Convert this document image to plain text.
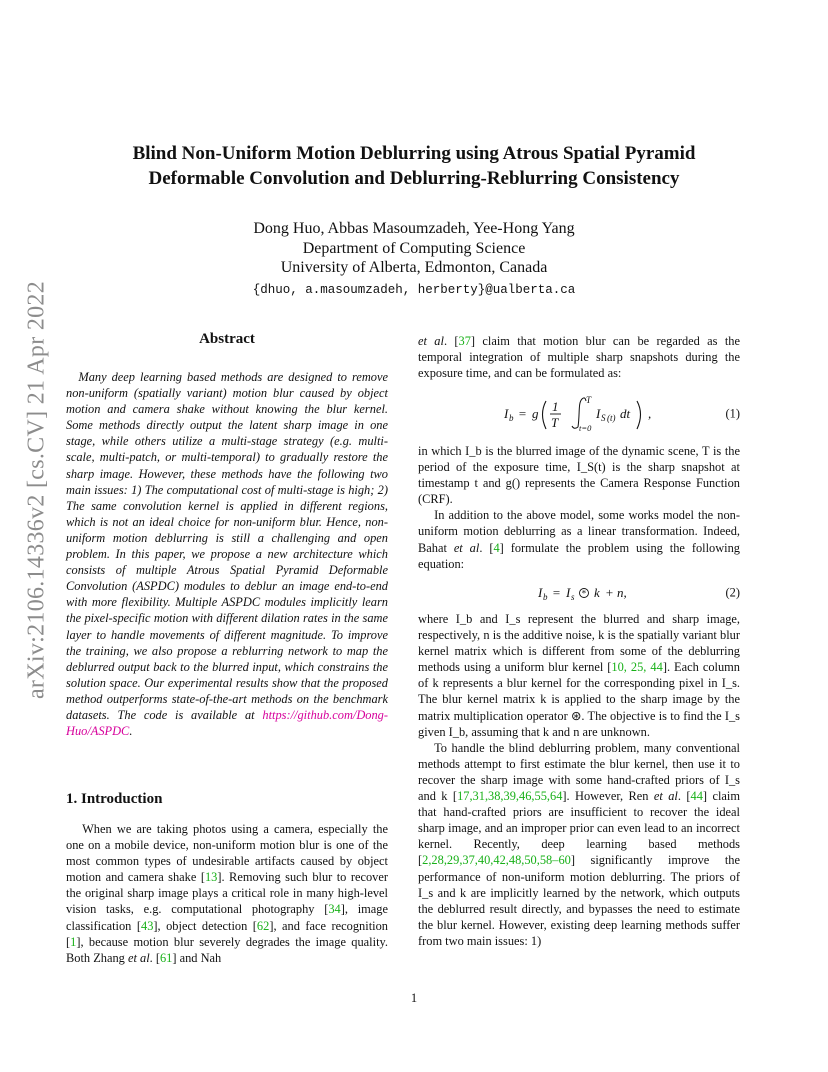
arXiv:2106.14336v2 [cs.CV] 21 Apr 2022
Blind Non-Uniform Motion Deblurring using Atrous Spatial Pyramid
Deformable Convolution and Deblurring-Reblurring Consistency
Dong Huo, Abbas Masoumzadeh, Yee-Hong Yang
Department of Computing Science
University of Alberta, Edmonton, Canada
{dhuo, a.masoumzadeh, herberty}@ualberta.ca
Abstract

Many deep learning based methods are designed to remove non-uniform (spatially variant) motion blur caused by object motion and camera shake without knowing the blur kernel. Some methods directly output the latent sharp image in one stage, while others utilize a multi-stage strategy (e.g. multi-scale, multi-patch, or multi-temporal) to gradually restore the sharp image. However, these methods have the following two main issues: 1) The computational cost of multi-stage is high; 2) The same convolution kernel is applied in different regions, which is not an ideal choice for non-uniform blur. Hence, non-uniform motion deblurring is still a challenging and open problem. In this paper, we propose a new architecture which consists of multiple Atrous Spatial Pyramid Deformable Convolution (ASPDC) modules to deblur an image end-to-end with more flexibility. Multiple ASPDC modules implicitly learn the pixel-specific motion with different dilation rates in the same layer to handle movements of different magnitude. To improve the training, we also propose a reblurring network to map the deblurred output back to the blurred input, which constrains the solution space. Our experimental results show that the proposed method outperforms state-of-the-art methods on the benchmark datasets. The code is available at https://github.com/Dong-Huo/ASPDC.

1. Introduction

When we are taking photos using a camera, especially the one on a mobile device, non-uniform motion blur is one of the most common types of undesirable artifacts caused by object motion and camera shake [13]. Removing such blur to recover the original sharp image plays a critical role in many high-level vision tasks, e.g. computational photography [34], image classification [43], object detection [62], and face recognition [1], because motion blur severely degrades the image quality. Both Zhang et al. [61] and Nah

et al. [37] claim that motion blur can be regarded as the temporal integration of multiple sharp snapshots during the exposure time, and can be formulated as:

I b = g 1
T
T
t=0
I S (t) dt ,	(1)

in which I_b is the blurred image of the dynamic scene, T is the period of the exposure time, I_S(t) is the sharp snapshot at timestamp t and g() represents the Camera Response Function (CRF).

In addition to the above model, some works model the non-uniform motion deblurring as a linear transformation. Indeed, Bahat et al. [4] formulate the problem using the following equation:

I b = I s * k + n,	(2)

where I_b and I_s represent the blurred and sharp image, respectively, n is the additive noise, k is the spatially variant blur kernel matrix which is different from some of the deblurring methods using a uniform blur kernel [10, 25, 44]. Each column of k represents a blur kernel for the corresponding pixel in I_s. The blur kernel matrix k is applied to the sharp image by the matrix multiplication operator ⊛. The objective is to find the I_s given I_b, assuming that k and n are unknown.

To handle the blind deblurring problem, many conventional methods attempt to first estimate the blur kernel, then use it to recover the sharp image with some hand-crafted priors of I_s and k [17,31,38,39,46,55,64]. However, Ren et al. [44] claim that hand-crafted priors are insufficient to recover the ideal sharp image, and an improper prior can even lead to an incorrect kernel. Recently, deep learning based methods [2,28,29,37,40,42,48,50,58–60] significantly improve the performance of non-uniform motion deblurring. The priors of I_s and k are implicitly learned by the network, which outputs the deblurred result directly, and bypasses the need to estimate the blur kernel. However, existing deep learning methods suffer from two main issues: 1)

1
